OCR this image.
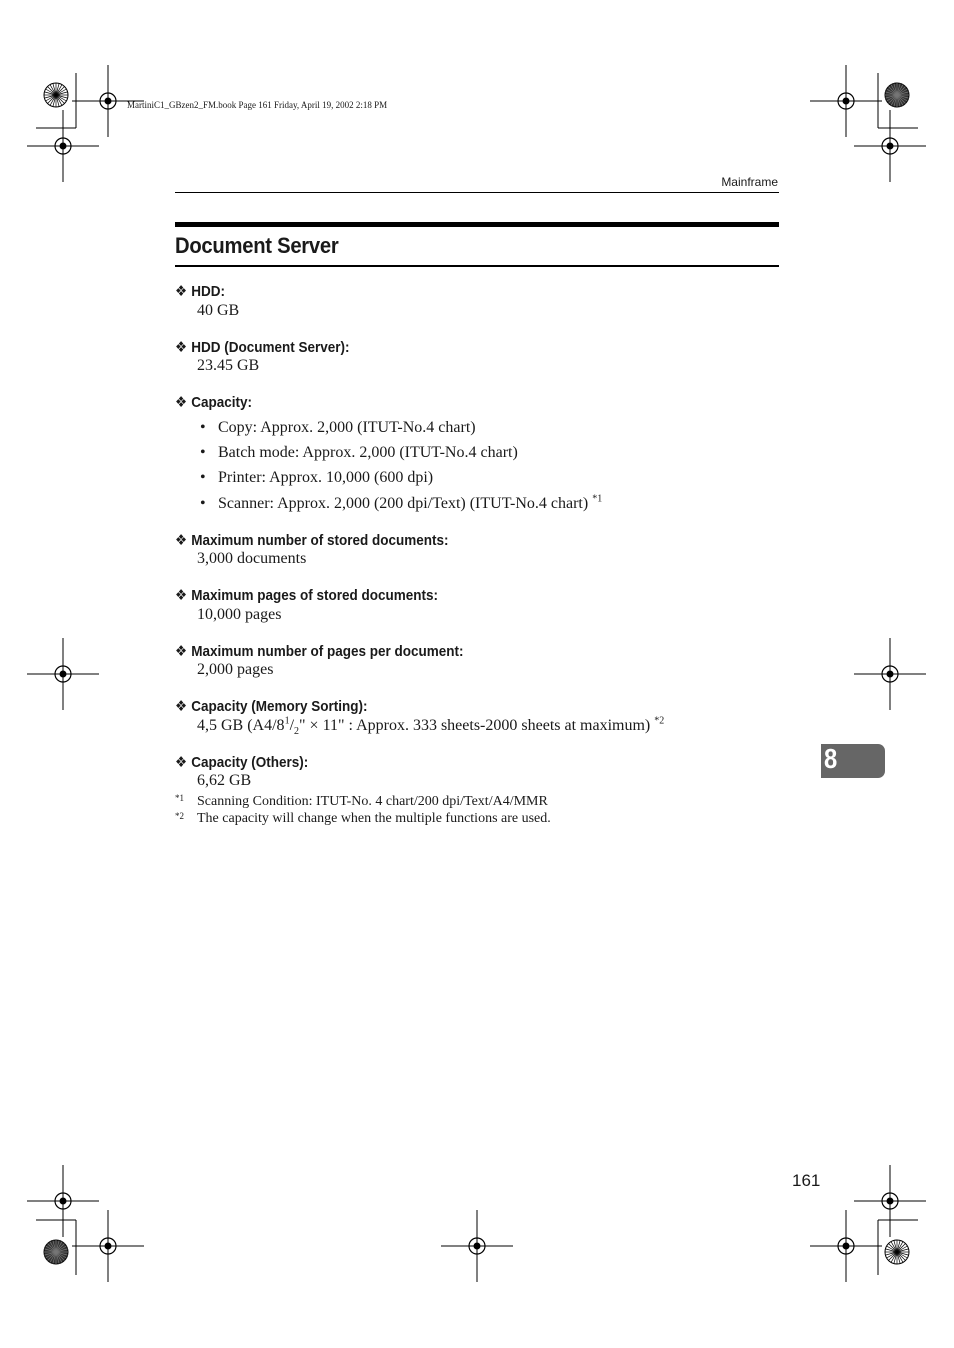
MartiniC1_GBzen2_FM.book Page 161 Friday, April 19, 2002 2:18 PM
Mainframe
Document Server
❖ HDD:
40 GB
❖ HDD (Document Server):
23.45 GB
❖ Capacity:
• Copy: Approx. 2,000 (ITUT-No.4 chart)
• Batch mode: Approx. 2,000 (ITUT-No.4 chart)
• Printer: Approx. 10,000 (600 dpi)
• Scanner: Approx. 2,000 (200 dpi/Text) (ITUT-No.4 chart) $^{*1}$
❖ Maximum number of stored documents:
3,000 documents
❖ Maximum pages of stored documents:
10,000 pages
❖ Maximum number of pages per document:
2,000 pages
❖ Capacity (Memory Sorting):
4,5 GB ($A4/8^1/_2$" × 11" : Approx. 333 sheets-2000 sheets at maximum) $^{*2}$
❖ Capacity (Others):
6,62 GB
*1 Scanning Condition: ITUT-No. 4 chart/200 dpi/Text/A4/MMR
*2 The capacity will change when the multiple functions are used.
8
161
